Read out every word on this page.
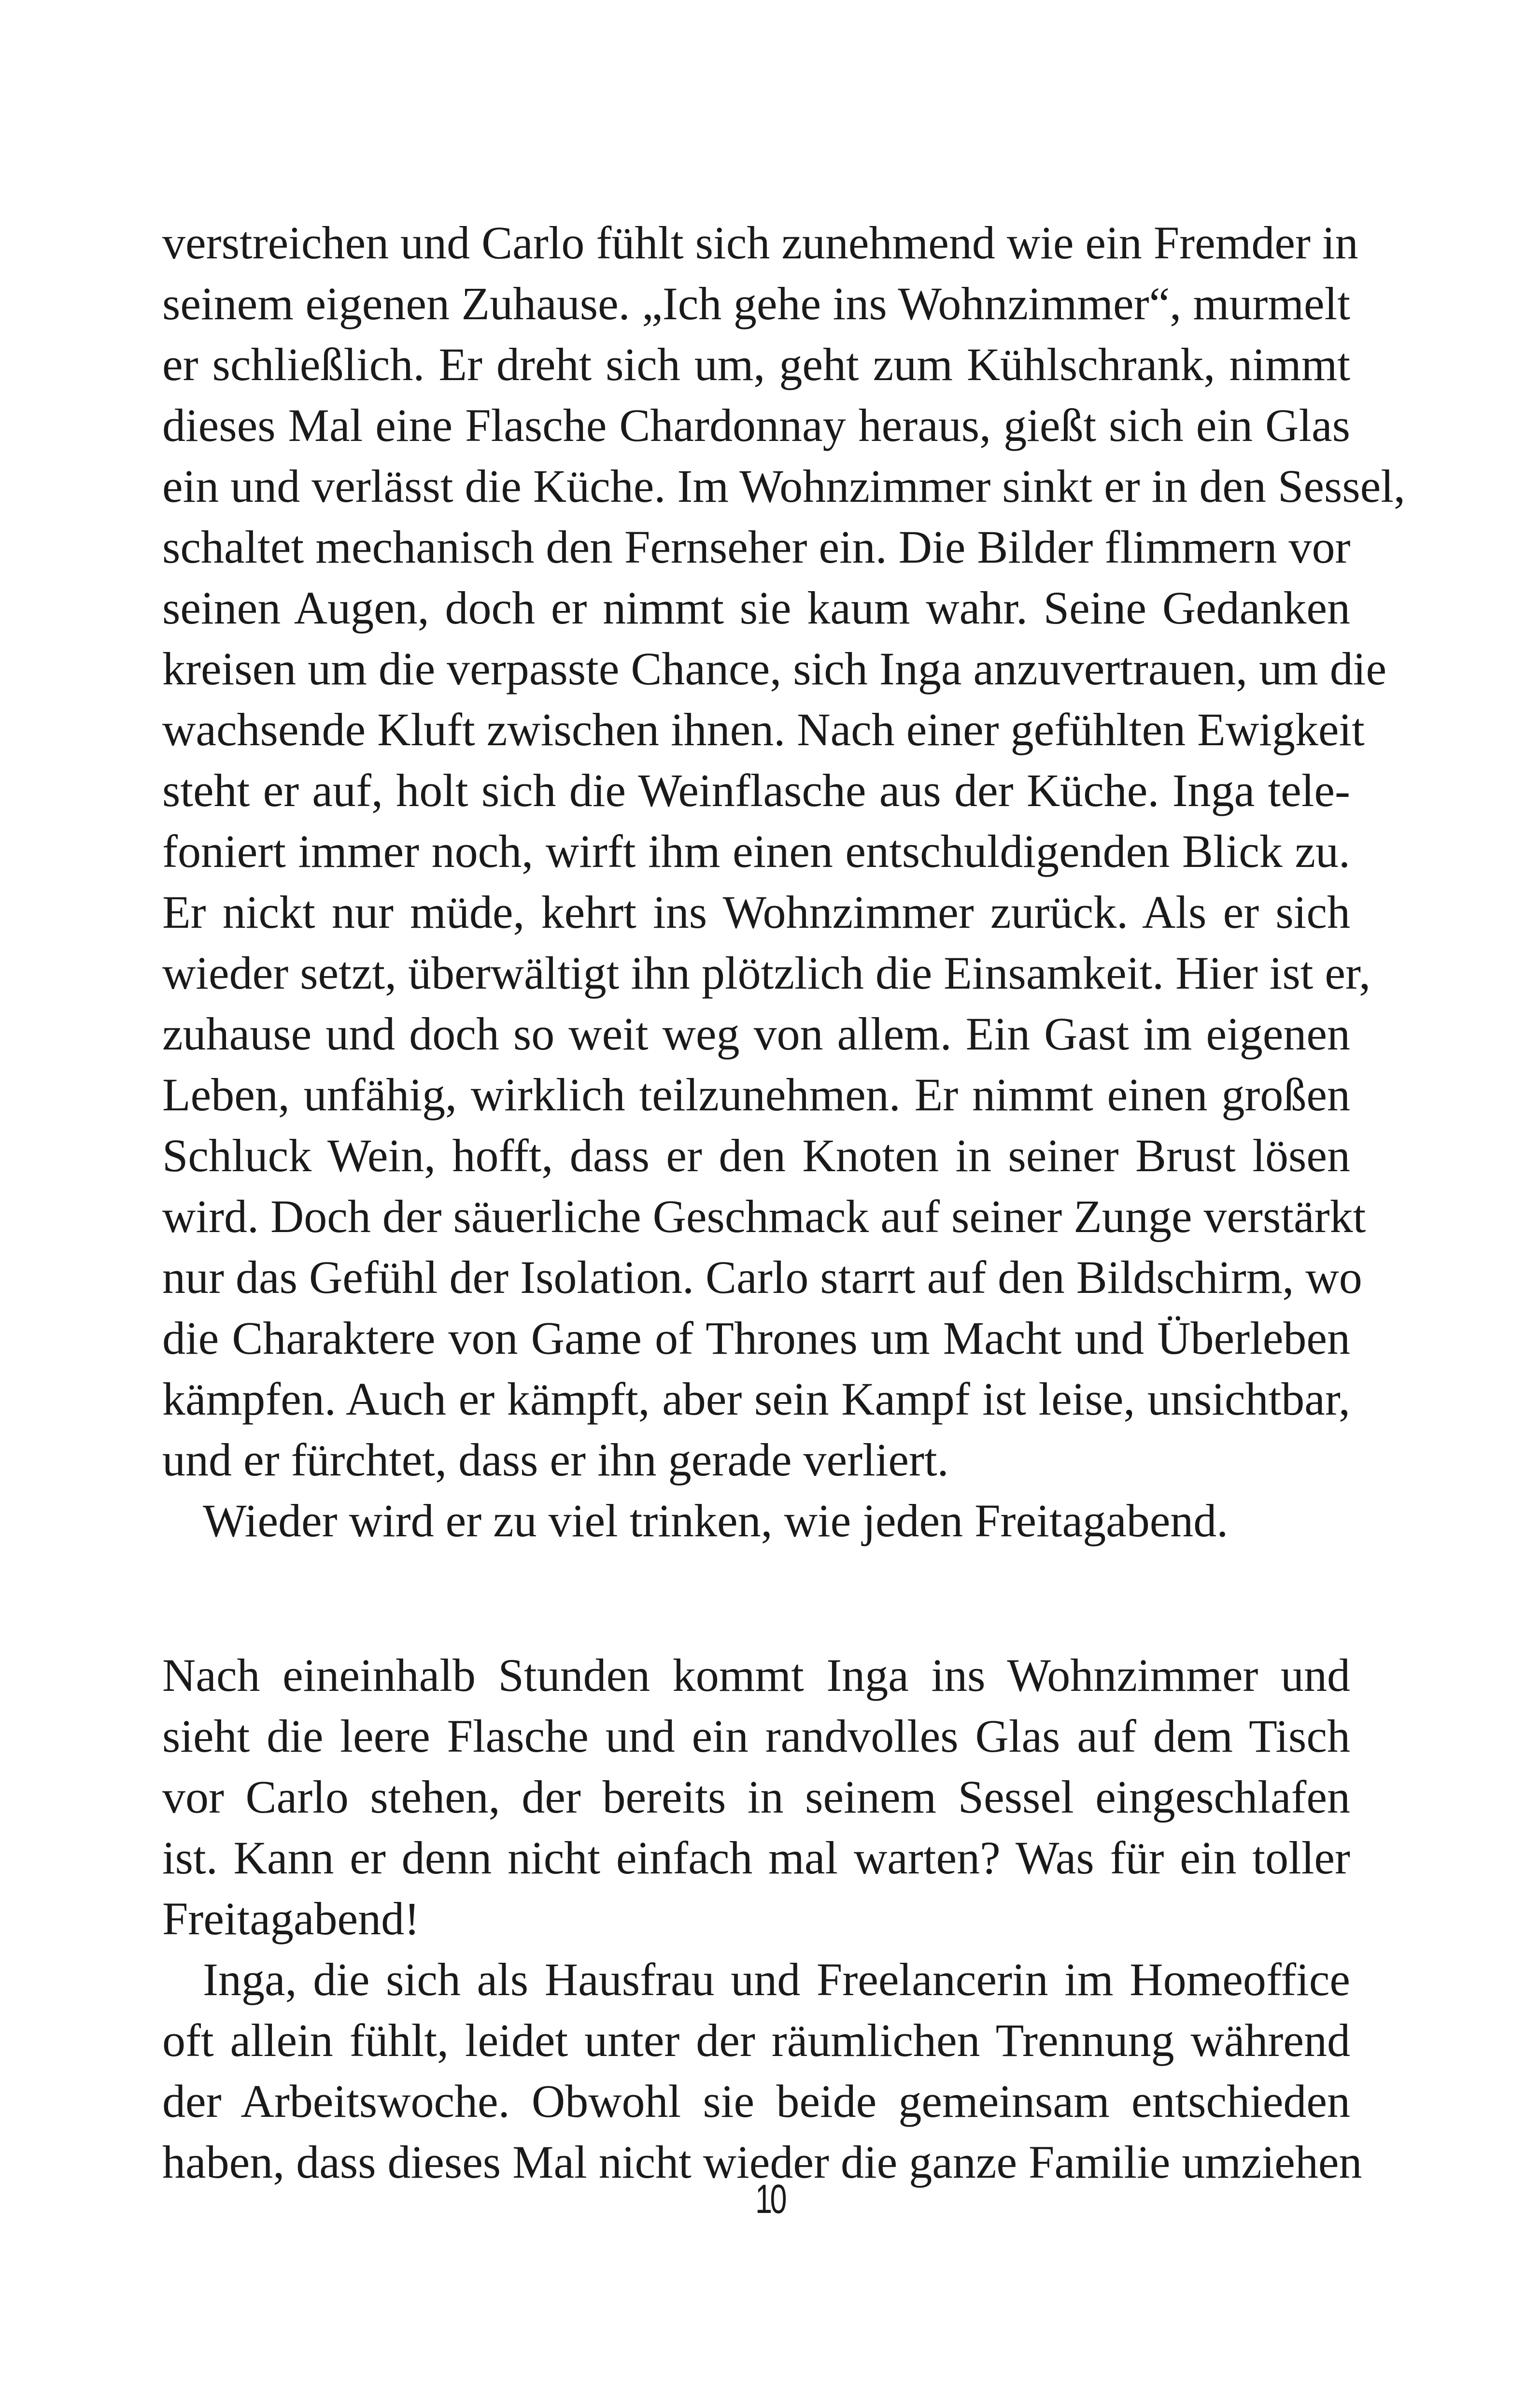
verstreichen und Carlo fühlt sich zunehmend wie ein Fremder in
seinem eigenen Zuhause. „Ich gehe ins Wohnzimmer“, murmelt
er schließlich. Er dreht sich um, geht zum Kühlschrank, nimmt
dieses Mal eine Flasche Chardonnay heraus, gießt sich ein Glas
ein und verlässt die Küche. Im Wohnzimmer sinkt er in den Sessel,
schaltet mechanisch den Fernseher ein. Die Bilder flimmern vor
seinen Augen, doch er nimmt sie kaum wahr. Seine Gedanken
kreisen um die verpasste Chance, sich Inga anzuvertrauen, um die
wachsende Kluft zwischen ihnen. Nach einer gefühlten Ewigkeit
steht er auf, holt sich die Weinflasche aus der Küche. Inga tele-
foniert immer noch, wirft ihm einen entschuldigenden Blick zu.
Er nickt nur müde, kehrt ins Wohnzimmer zurück. Als er sich
wieder setzt, überwältigt ihn plötzlich die Einsamkeit. Hier ist er,
zuhause und doch so weit weg von allem. Ein Gast im eigenen
Leben, unfähig, wirklich teilzunehmen. Er nimmt einen großen
Schluck Wein, hofft, dass er den Knoten in seiner Brust lösen
wird. Doch der säuerliche Geschmack auf seiner Zunge verstärkt
nur das Gefühl der Isolation. Carlo starrt auf den Bildschirm, wo
die Charaktere von Game of Thrones um Macht und Überleben
kämpfen. Auch er kämpft, aber sein Kampf ist leise, unsichtbar,
und er fürchtet, dass er ihn gerade verliert.
Wieder wird er zu viel trinken, wie jeden Freitagabend.
Nach eineinhalb Stunden kommt Inga ins Wohnzimmer und
sieht die leere Flasche und ein randvolles Glas auf dem Tisch
vor Carlo stehen, der bereits in seinem Sessel eingeschlafen
ist. Kann er denn nicht einfach mal warten? Was für ein toller
Freitagabend!
Inga, die sich als Hausfrau und Freelancerin im Homeoffice
oft allein fühlt, leidet unter der räumlichen Trennung während
der Arbeitswoche. Obwohl sie beide gemeinsam entschieden
haben, dass dieses Mal nicht wieder die ganze Familie umziehen
10
